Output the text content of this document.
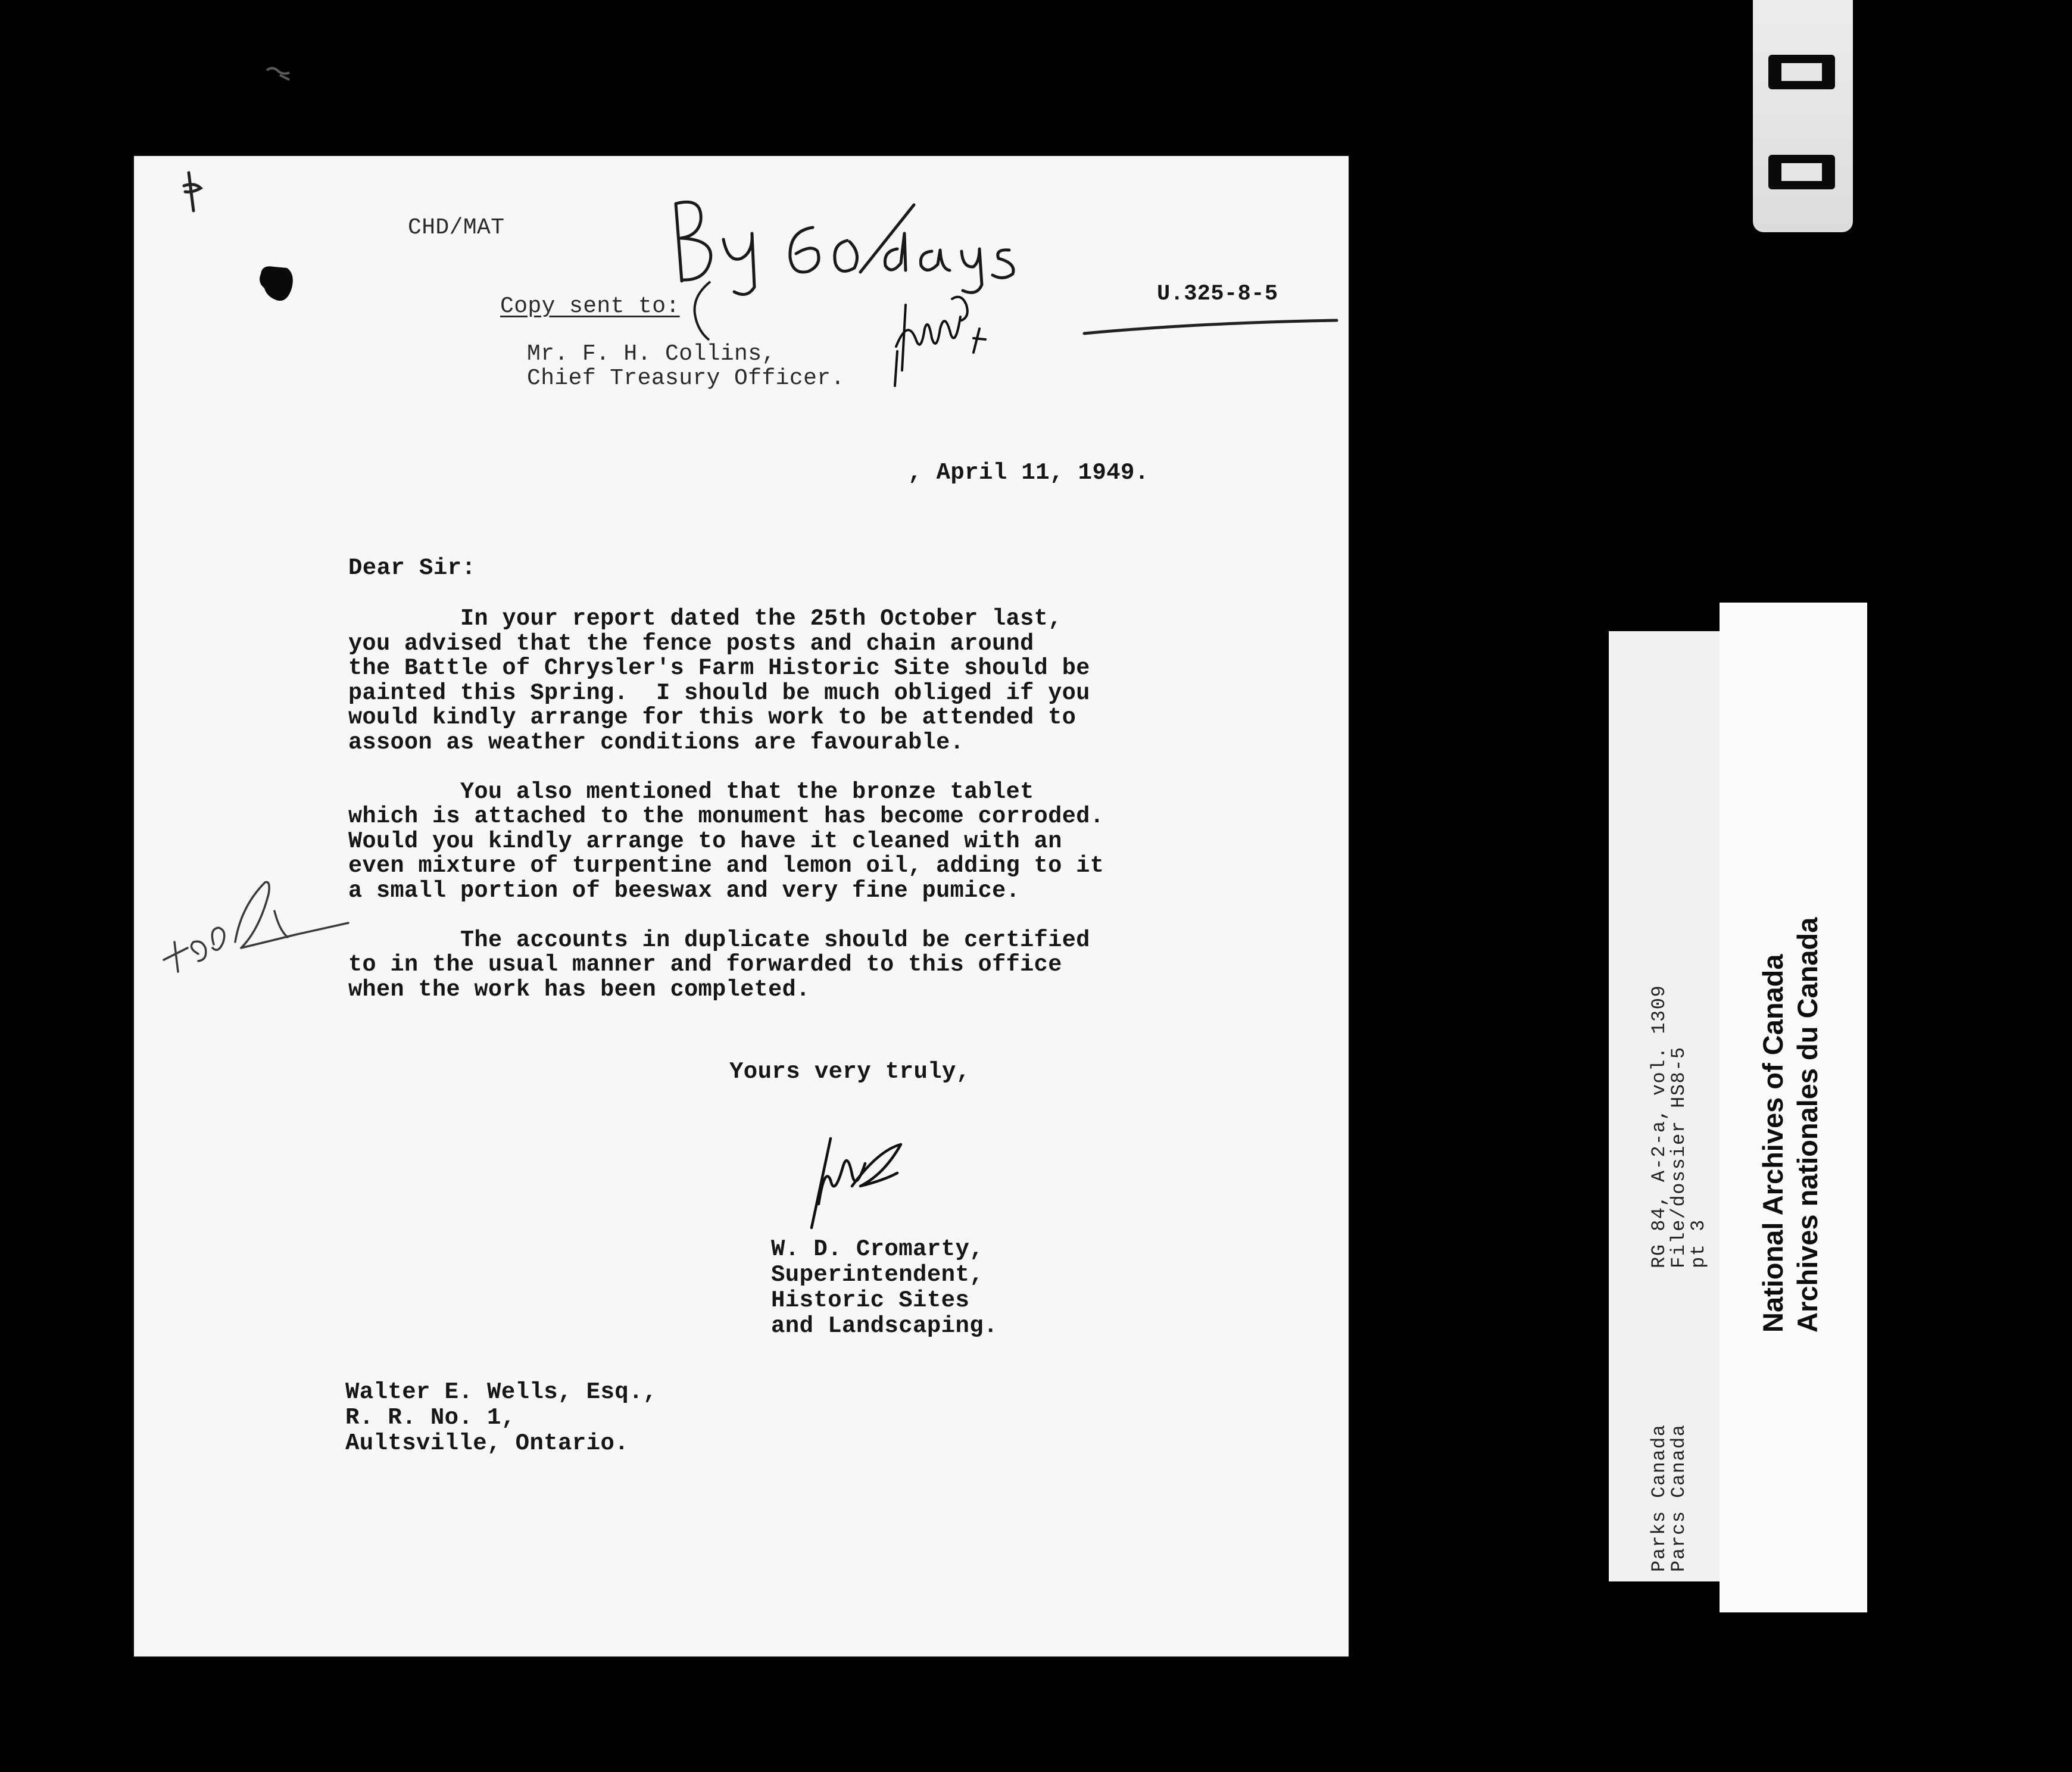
CHD/MAT

U.325-8-5

Copy sent to:

Mr. F. H. Collins,
Chief Treasury Officer.

, April 11, 1949.

Dear Sir:

In your report dated the 25th October last,
you advised that the fence posts and chain around
the Battle of Chrysler's Farm Historic Site should be
painted this Spring.  I should be much obliged if you
would kindly arrange for this work to be attended to
assoon as weather conditions are favourable.

You also mentioned that the bronze tablet
which is attached to the monument has become corroded.
Would you kindly arrange to have it cleaned with an
even mixture of turpentine and lemon oil, adding to it
a small portion of beeswax and very fine pumice.

The accounts in duplicate should be certified
to in the usual manner and forwarded to this office
when the work has been completed.

Yours very truly,

W. D. Cromarty,
Superintendent,
Historic Sites
and Landscaping.

Walter E. Wells, Esq.,
R. R. No. 1,
Aultsville, Ontario.

RG 84, A-2-a, vol. 1309
File/dossier HS8-5
pt 3

Parks Canada
Parcs Canada

National Archives of Canada Archives nationales du Canada
